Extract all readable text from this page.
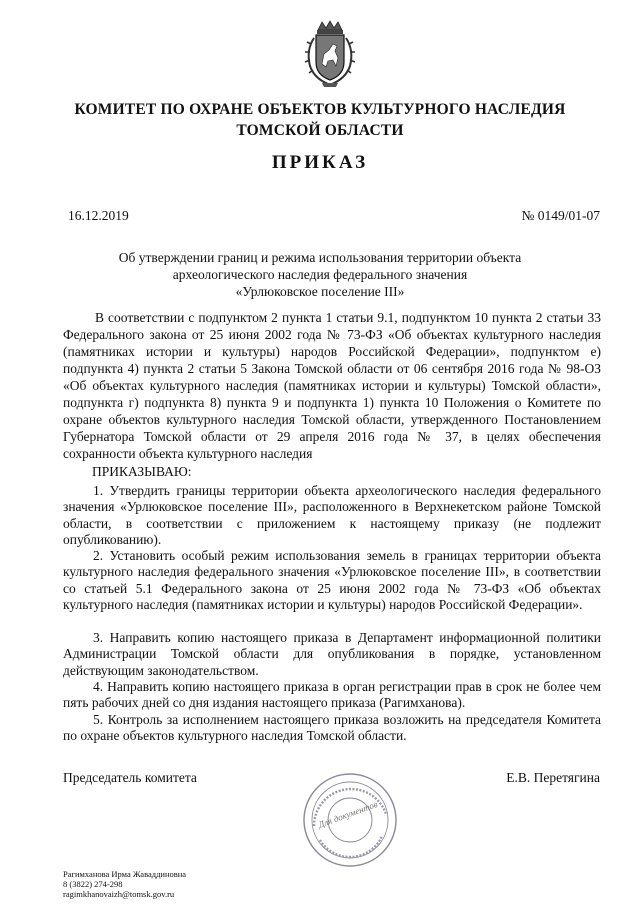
КОМИТЕТ ПО ОХРАНЕ ОБЪЕКТОВ КУЛЬТУРНОГО НАСЛЕДИЯ
ТОМСКОЙ ОБЛАСТИ
ПРИКАЗ
16.12.2019	№ 0149/01-07
Об утверждении границ и режима использования территории объекта
археологического наследия федерального значения
«Урлюковское поселение III»

В соответствии с подпунктом 2 пункта 1 статьи 9.1, подпунктом 10 пункта 2 статьи 33 Федерального закона от 25 июня 2002 года № 73-ФЗ «Об объектах культурного наследия (памятниках истории и культуры) народов Российской Федерации», подпунктом е) подпункта 4) пункта 2 статьи 5 Закона Томской области от 06 сентября 2016 года № 98-ОЗ «Об объектах культурного наследия (памятниках истории и культуры) Томской области», подпункта г) подпункта 8) пункта 9 и подпункта 1) пункта 10 Положения о Комитете по охране объектов культурного наследия Томской области, утвержденного Постановлением Губернатора Томской области от 29 апреля 2016 года № 37, в целях обеспечения сохранности объекта культурного наследия

ПРИКАЗЫВАЮ:

1. Утвердить границы территории объекта археологического наследия федерального значения «Урлюковское поселение III», расположенного в Верхнекетском районе Томской области, в соответствии с приложением к настоящему приказу (не подлежит опубликованию).

2. Установить особый режим использования земель в границах территории объекта культурного наследия федерального значения «Урлюковское поселение III», в соответствии со статьей 5.1 Федерального закона от 25 июня 2002 года № 73-ФЗ «Об объектах культурного наследия (памятниках истории и культуры) народов Российской Федерации».

3. Направить копию настоящего приказа в Департамент информационной политики Администрации Томской области для опубликования в порядке, установленном действующим законодательством.

4. Направить копию настоящего приказа в орган регистрации прав в срок не более чем пять рабочих дней со дня издания настоящего приказа (Рагимханова).

5. Контроль за исполнением настоящего приказа возложить на председателя Комитета по охране объектов культурного наследия Томской области.

Председатель комитета	Е.В. Перетягина
Для документов
Рагимханова Ирма Жаваддиновна
8 (3822) 274-298
ragimkhanovaizh@tomsk.gov.ru
